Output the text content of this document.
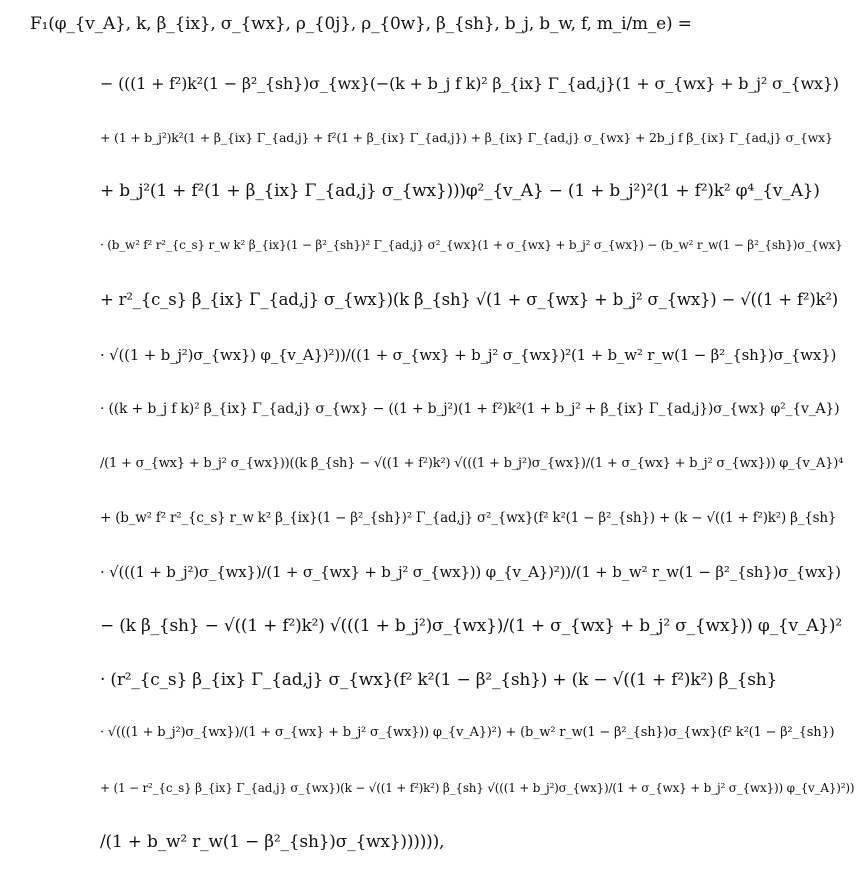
F₁(φ_{v_A}, k, β_{ix}, σ_{wx}, ρ_{0j}, ρ_{0w}, β_{sh}, b_j, b_w, f, m_i/m_e) =
− (((1 + f²)k²(1 − β²_{sh})σ_{wx}(−(k + b_j f k)² β_{ix} Γ_{ad,j}(1 + σ_{wx} + b_j² σ_{wx})
+ (1 + b_j²)k²(1 + β_{ix} Γ_{ad,j} + f²(1 + β_{ix} Γ_{ad,j}) + β_{ix} Γ_{ad,j} σ_{wx} + 2b_j f β_{ix} Γ_{ad,j} σ_{wx}
+ b_j²(1 + f²(1 + β_{ix} Γ_{ad,j} σ_{wx})))φ²_{v_A} − (1 + b_j²)²(1 + f²)k² φ⁴_{v_A})
· (b_w² f² r²_{c_s} r_w k² β_{ix}(1 − β²_{sh})² Γ_{ad,j} σ²_{wx}(1 + σ_{wx} + b_j² σ_{wx}) − (b_w² r_w(1 − β²_{sh})σ_{wx}
+ r²_{c_s} β_{ix} Γ_{ad,j} σ_{wx})(k β_{sh} √(1 + σ_{wx} + b_j² σ_{wx}) − √((1 + f²)k²)
· √((1 + b_j²)σ_{wx}) φ_{v_A})²))/((1 + σ_{wx} + b_j² σ_{wx})²(1 + b_w² r_w(1 − β²_{sh})σ_{wx})
· ((k + b_j f k)² β_{ix} Γ_{ad,j} σ_{wx} − ((1 + b_j²)(1 + f²)k²(1 + b_j² + β_{ix} Γ_{ad,j})σ_{wx} φ²_{v_A})
/(1 + σ_{wx} + b_j² σ_{wx}))((k β_{sh} − √((1 + f²)k²) √(((1 + b_j²)σ_{wx})/(1 + σ_{wx} + b_j² σ_{wx})) φ_{v_A})⁴
+ (b_w² f² r²_{c_s} r_w k² β_{ix}(1 − β²_{sh})² Γ_{ad,j} σ²_{wx}(f² k²(1 − β²_{sh}) + (k − √((1 + f²)k²) β_{sh}
· √(((1 + b_j²)σ_{wx})/(1 + σ_{wx} + b_j² σ_{wx})) φ_{v_A})²))/(1 + b_w² r_w(1 − β²_{sh})σ_{wx})
− (k β_{sh} − √((1 + f²)k²) √(((1 + b_j²)σ_{wx})/(1 + σ_{wx} + b_j² σ_{wx})) φ_{v_A})²
· (r²_{c_s} β_{ix} Γ_{ad,j} σ_{wx}(f² k²(1 − β²_{sh}) + (k − √((1 + f²)k²) β_{sh}
· √(((1 + b_j²)σ_{wx})/(1 + σ_{wx} + b_j² σ_{wx})) φ_{v_A})²) + (b_w² r_w(1 − β²_{sh})σ_{wx}(f² k²(1 − β²_{sh})
+ (1 − r²_{c_s} β_{ix} Γ_{ad,j} σ_{wx})(k − √((1 + f²)k²) β_{sh} √(((1 + b_j²)σ_{wx})/(1 + σ_{wx} + b_j² σ_{wx})) φ_{v_A})²))
/(1 + b_w² r_w(1 − β²_{sh})σ_{wx})))))),
